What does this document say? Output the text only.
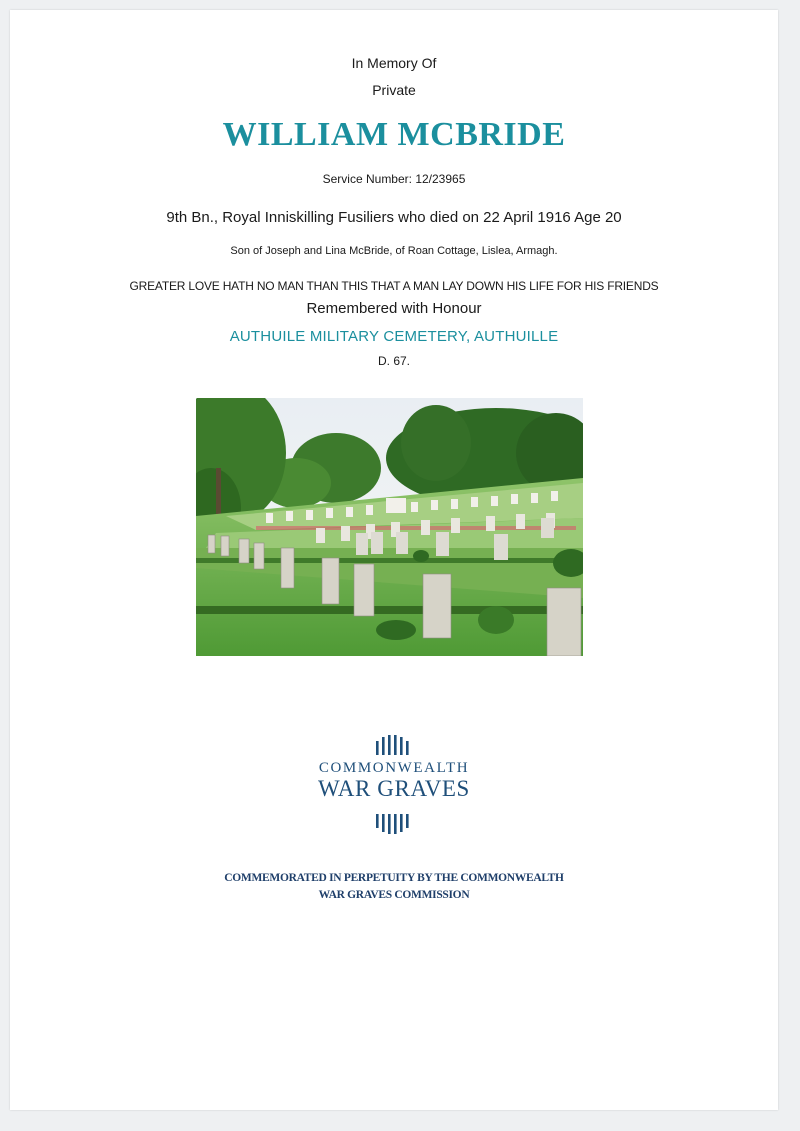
In Memory Of
Private
WILLIAM MCBRIDE
Service Number: 12/23965
9th Bn., Royal Inniskilling Fusiliers who died on 22 April 1916 Age 20
Son of Joseph and Lina McBride, of Roan Cottage, Lislea, Armagh.
GREATER LOVE HATH NO MAN THAN THIS THAT A MAN LAY DOWN HIS LIFE FOR HIS FRIENDS
Remembered with Honour
AUTHUILE MILITARY CEMETERY, AUTHUILLE
D. 67.
COMMONWEALTH
WAR GRAVES
COMMEMORATED IN PERPETUITY BY THE COMMONWEALTH
WAR GRAVES COMMISSION
